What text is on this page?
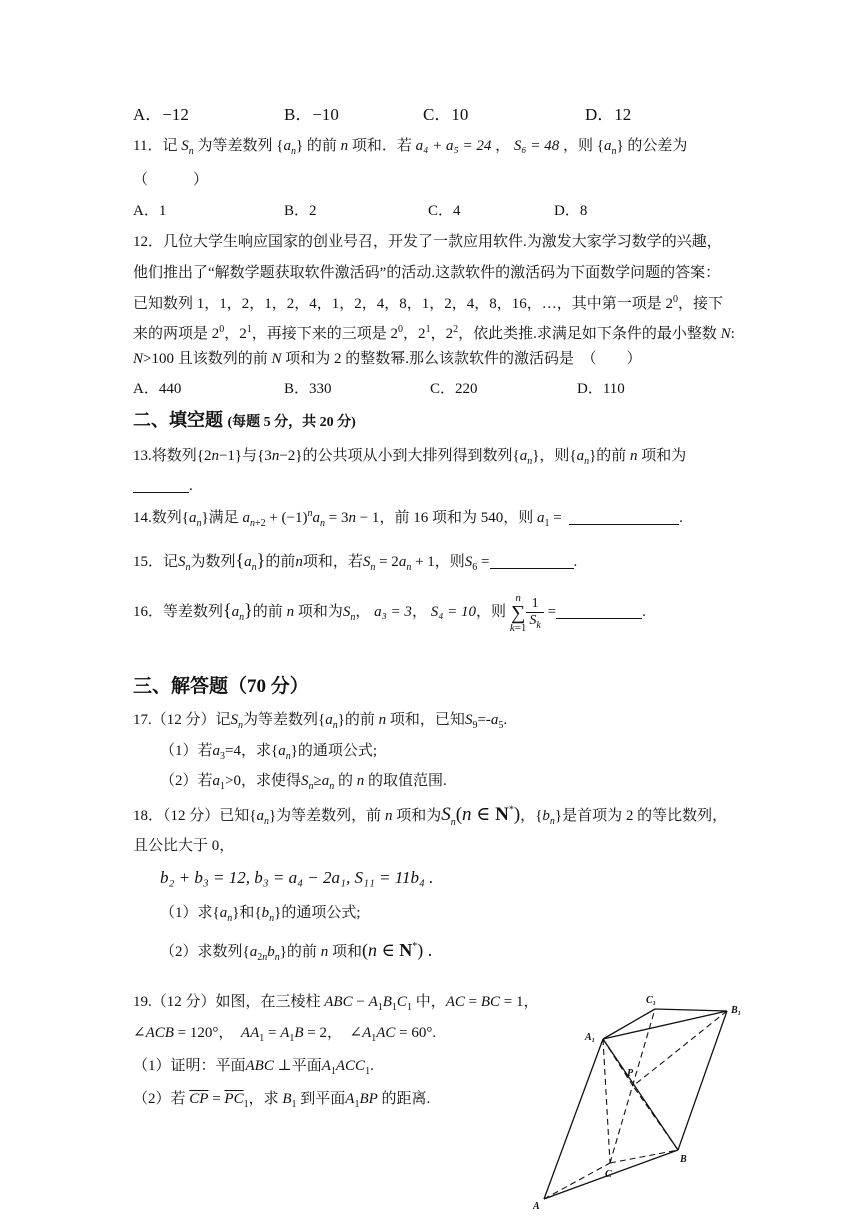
A．−12	B．−10	C．10	D．12
11．记 $S_n$ 为等差数列 $\{a_n\}$ 的前 n 项和．若 a₄ + a₅ = 24 ， S₆ = 48 ，则 $\{a_n\}$ 的公差为
（　　　）
A．1	B．2	C．4	D．8
12．几位大学生响应国家的创业号召，开发了一款应用软件.为激发大家学习数学的兴趣，
他们推出了“解数学题获取软件激活码”的活动.这款软件的激活码为下面数学问题的答案：
已知数列 1，1，2，1，2，4，1，2，4，8，1，2，4，8，16，…，其中第一项是 $2^0$，接下
来的两项是 $2^0$，$2^1$，再接下来的三项是 $2^0$，$2^1$，$2^2$，依此类推.求满足如下条件的最小整数 N:
N>100 且该数列的前 N 项和为 2 的整数幂.那么该款软件的激活码是　（　　）
A．440	B．330	C．220	D．110
二、填空题 (每题 5 分，共 20 分)
13.将数列{2n−1}与{3n−2}的公共项从小到大排列得到数列$\{a_n\}$，则$\{a_n\}$的前 n 项和为
.
14.数列$\{a_n\}$满足 $a_{n+2} + (-1)^na_n = 3n - 1$，前 16 项和为 540，则 $a_1$ =	.
15．记$S_n$为数列$\{a_n\}$的前n项和，若$S_n = 2a_n + 1$，则$S_6$ =	.
16．等差数列$\{a_n\}$的前 n 项和为$S_n$， a₃ = 3， S₄ = 10，则 n
∑
$k=1 \frac{1}{S_k}$ =	.
三、解答题（70 分）
17.（12 分）记$S_n$为等差数列$\{a_n\}$的前 n 项和，已知$S_9=-a_5$.
（1）若$a_3=4$，求$\{a_n\}$的通项公式;
（2）若$a_1>0$，求使得$S_n\ge a_n$ 的 n 的取值范围.
18．（12 分）已知$\{a_n\}$为等差数列，前 n 项和为$S_n(n$ ∈ N*)，$\{b_n\}$是首项为 2 的等比数列，
且公比大于 0，
b₂ + b₃ = 12, b₃ = a₄ − 2a₁, S₁₁ = 11b₄ .
（1）求$\{a_n\}$和$\{b_n\}$的通项公式;
（2）求数列$\{a_{2n}b_n\}$的前 n 项和(n ∈ N*) .
19.（12 分）如图，在三棱柱 ABC − $A_1B_1C_1$ 中，AC = BC = 1，
∠ACB = 120°， $AA_1 = A_1B = 2$，  $\angle A_1AC = 60^\circ$.
（1）证明：平面ABC ⊥平面$A_1ACC_1$.
（2）若 $\overline{CP} = \overline{PC}_1$，求 $B_1$ 到平面$A_1BP$ 的距离.
C₁
B₁
A₁
P
C
A
B
